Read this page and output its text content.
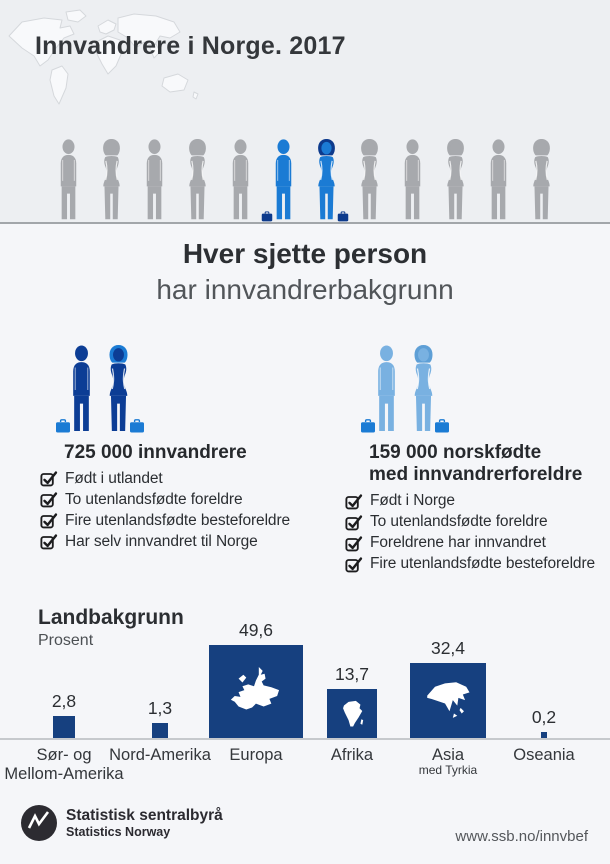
Innvandrere i Norge. 2017
Hver sjette person
har innvandrerbakgrunn
725 000 innvandrere
Født i utlandet
To utenlandsfødte foreldre
Fire utenlandsfødte besteforeldre
Har selv innvandret til Norge
159 000 norskfødte
med innvandrerforeldre
Født i Norge
To utenlandsfødte foreldre
Foreldrene har innvandret
Fire utenlandsfødte besteforeldre
Landbakgrunn
Prosent
2,8
Sør- og
Mellom-Amerika
1,3
Nord-Amerika
49,6
Europa
13,7
Afrika
32,4
Asia
med Tyrkia
0,2
Oseania
Statistisk sentralbyrå
Statistics Norway	www.ssb.no/innvbef
